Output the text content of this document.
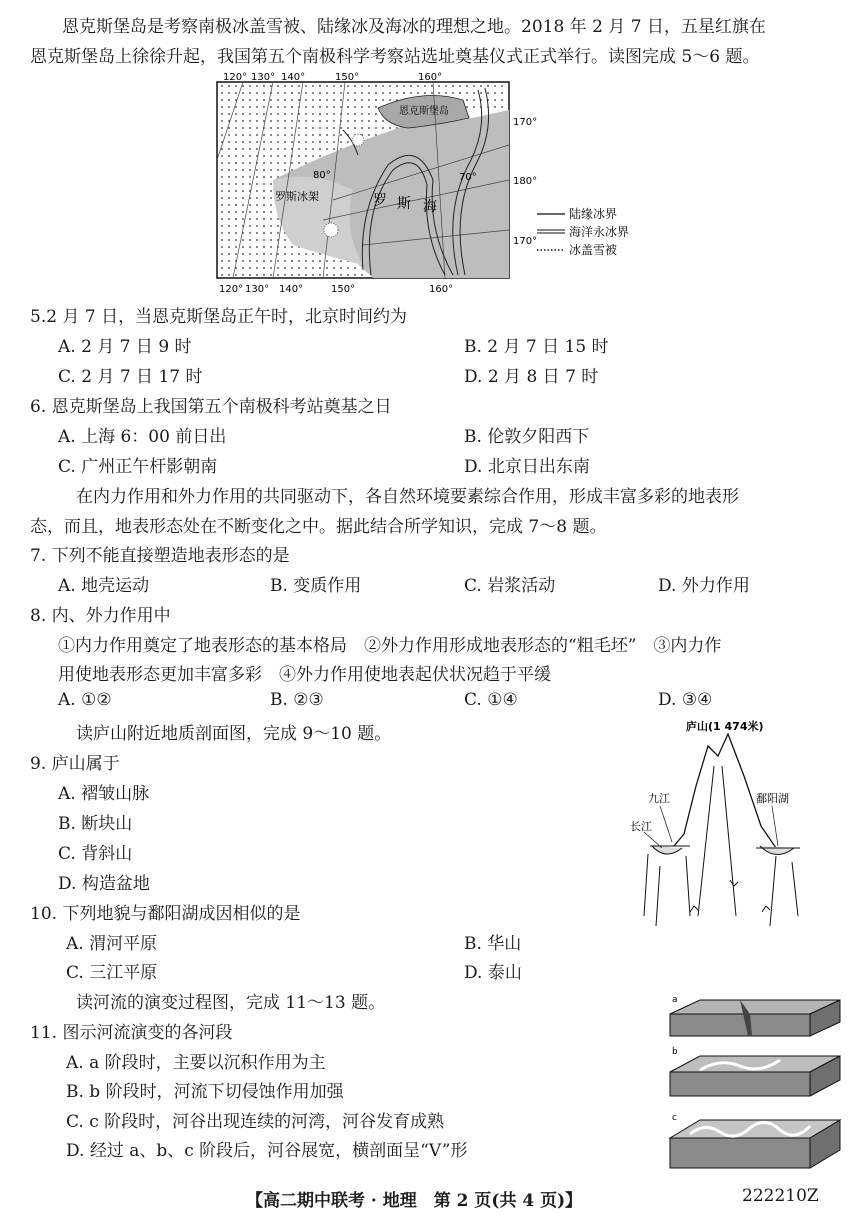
恩克斯堡岛是考察南极冰盖雪被、陆缘冰及海冰的理想之地。2018 年 2 月 7 日，五星红旗在
恩克斯堡岛上徐徐升起，我国第五个南极科学考察站选址奠基仪式正式举行。读图完成 5～6 题。
120° 130° 140°	150°	160°
120° 130° 140°	150°	160°
170°
180°
170°
80°	70°
恩克斯堡岛
罗斯冰架	罗 斯 海	陆缘冰界
海洋永冰界
冰盖雪被
5.2 月 7 日，当恩克斯堡岛正午时，北京时间约为
A. 2 月 7 日 9 时	B. 2 月 7 日 15 时
C. 2 月 7 日 17 时	D. 2 月 8 日 7 时
6. 恩克斯堡岛上我国第五个南极科考站奠基之日
A. 上海 6：00 前日出	B. 伦敦夕阳西下
C. 广州正午杆影朝南	D. 北京日出东南
在内力作用和外力作用的共同驱动下，各自然环境要素综合作用，形成丰富多彩的地表形
态，而且，地表形态处在不断变化之中。据此结合所学知识，完成 7～8 题。
7. 下列不能直接塑造地表形态的是
A. 地壳运动	B. 变质作用	C. 岩浆活动	D. 外力作用
8. 内、外力作用中
①内力作用奠定了地表形态的基本格局　②外力作用形成地表形态的“粗毛坯”　③内力作
用使地表形态更加丰富多彩　④外力作用使地表起伏状况趋于平缓
A. ①②	B. ②③	C. ①④	D. ③④
读庐山附近地质剖面图，完成 9～10 题。
9. 庐山属于
A. 褶皱山脉
B. 断块山
C. 背斜山
D. 构造盆地
庐山(1 474米)
九江
长江
鄱阳湖
10. 下列地貌与鄱阳湖成因相似的是
A. 渭河平原	B. 华山
C. 三江平原	D. 泰山
读河流的演变过程图，完成 11～13 题。
11. 图示河流演变的各河段
A. a 阶段时，主要以沉积作用为主
B. b 阶段时，河流下切侵蚀作用加强
C. c 阶段时，河谷出现连续的河湾，河谷发育成熟
D. 经过 a、b、c 阶段后，河谷展宽，横剖面呈“V”形
a
b
c
【高二期中联考 · 地理　第 2 页(共 4 页)】	222210Z
